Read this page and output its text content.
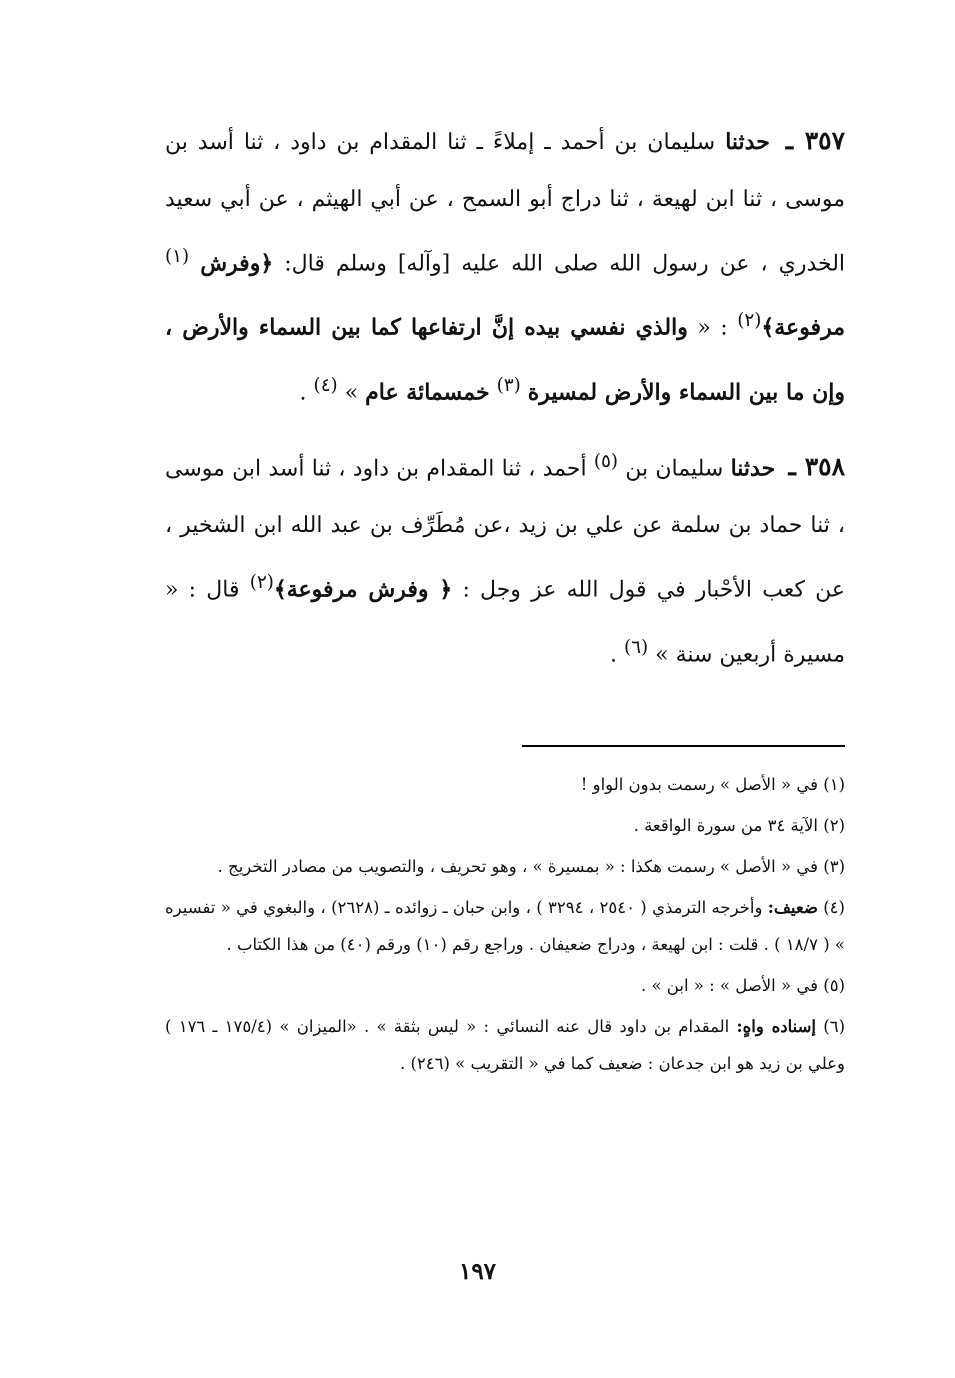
٣٥٧ ـ حدثنا سليمان بن أحمد ـ إملاءً ـ ثنا المقدام بن داود ، ثنا أسد بن موسى ، ثنا ابن لهيعة ، ثنا دراج أبو السمح ، عن أبي الهيثم ، عن أبي سعيد الخدري ، عن رسول الله صلى الله عليه [وآله] وسلم قال: ﴿وفرش $^{(١)}$ مرفوعة﴾$^{(٢)}$ : « والذي نفسي بيده إنَّ ارتفاعها كما بين السماء والأرض ، وإن ما بين السماء والأرض لمسيرة $^{(٣)}$ خمسمائة عام » $^{(٤)}$ .

٣٥٨ ـ حدثنا سليمان بن $^{(٥)}$ أحمد ، ثنا المقدام بن داود ، ثنا أسد ابن موسى ، ثنا حماد بن سلمة عن علي بن زيد ،عن مُطَرِّف بن عبد الله ابن الشخير ، عن كعب الأحْبار في قول الله عز وجل : ﴿ وفرش مرفوعة﴾$^{(٢)}$ قال : « مسيرة أربعين سنة » $^{(٦)}$ .

(١) في « الأصل » رسمت بدون الواو !

(٢) الآية ٣٤ من سورة الواقعة .

(٣) في « الأصل » رسمت هكذا : « بمسيرة » ، وهو تحريف ، والتصويب من مصادر التخريج .

(٤) ضعيف: وأخرجه الترمذي ( ٢٥٤٠ ، ٣٢٩٤ ) ، وابن حبان ـ زوائده ـ (٢٦٢٨) ، والبغوي في « تفسيره » ( ١٨/٧ ) . قلت : ابن لهيعة ، ودراج ضعيفان . وراجع رقم (١٠) ورقم (٤٠) من هذا الكتاب .

(٥) في « الأصل » : « ابن » .

(٦) إسناده واهٍ: المقدام بن داود قال عنه النسائي : « ليس بثقة » . «الميزان » (١٧٥/٤ ـ ١٧٦ ) وعلي بن زيد هو ابن جدعان : ضعيف كما في « التقريب » (٢٤٦) .

١٩٧
